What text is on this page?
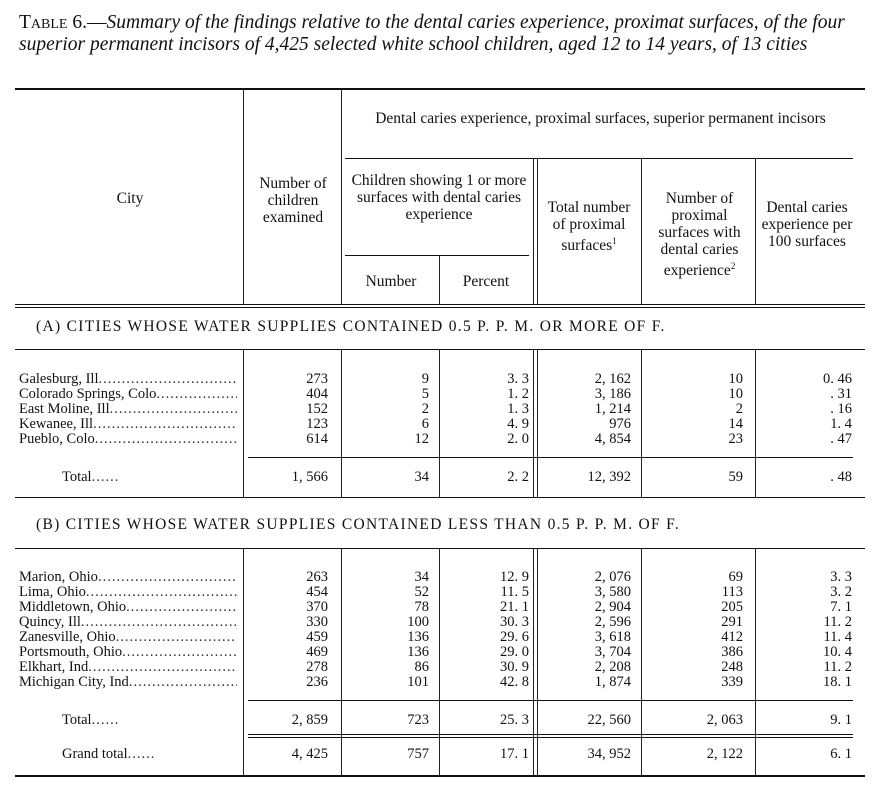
Table 6.—Summary of the findings relative to the dental caries experience, proximat surfaces, of the four superior permanent incisors of 4,425 selected white school children, aged 12 to 14 years, of 13 cities
City
Number of children examined
Dental caries experience, proximal surfaces, superior permanent incisors
Children showing 1 or more surfaces with dental caries experience
Number	Percent
Total number of proximal surfaces$^1$
Number of proximal surfaces with dental caries experience$^2$
Dental caries experience per 100 surfaces
(A) CITIES WHOSE WATER SUPPLIES CONTAINED 0.5 P. P. M. OR MORE OF F.
Galesburg, Ill .....	273	9	3. 3	2, 162	10	0. 46
Colorado Springs, Colo .....	404	5	1. 2	3, 186	10	. 31
East Moline, Ill .....	152	2	1. 3	1, 214	2	. 16
Kewanee, Ill .....	123	6	4. 9	976	14	1. 4
Pueblo, Colo .....	614	12	2. 0	4, 854	23	. 47
Total ......	1, 566	34	2. 2	12, 392	59	. 48
(B) CITIES WHOSE WATER SUPPLIES CONTAINED LESS THAN 0.5 P. P. M. OF F.
Marion, Ohio .....	263	34	12. 9	2, 076	69	3. 3
Lima, Ohio .....	454	52	11. 5	3, 580	113	3. 2
Middletown, Ohio .....	370	78	21. 1	2, 904	205	7. 1
Quincy, Ill .....	330	100	30. 3	2, 596	291	11. 2
Zanesville, Ohio .....	459	136	29. 6	3, 618	412	11. 4
Portsmouth, Ohio .....	469	136	29. 0	3, 704	386	10. 4
Elkhart, Ind .....	278	86	30. 9	2, 208	248	11. 2
Michigan City, Ind .....	236	101	42. 8	1, 874	339	18. 1
Total ......	2, 859	723	25. 3	22, 560	2, 063	9. 1
Grand total ......	4, 425	757	17. 1	34, 952	2, 122	6. 1
